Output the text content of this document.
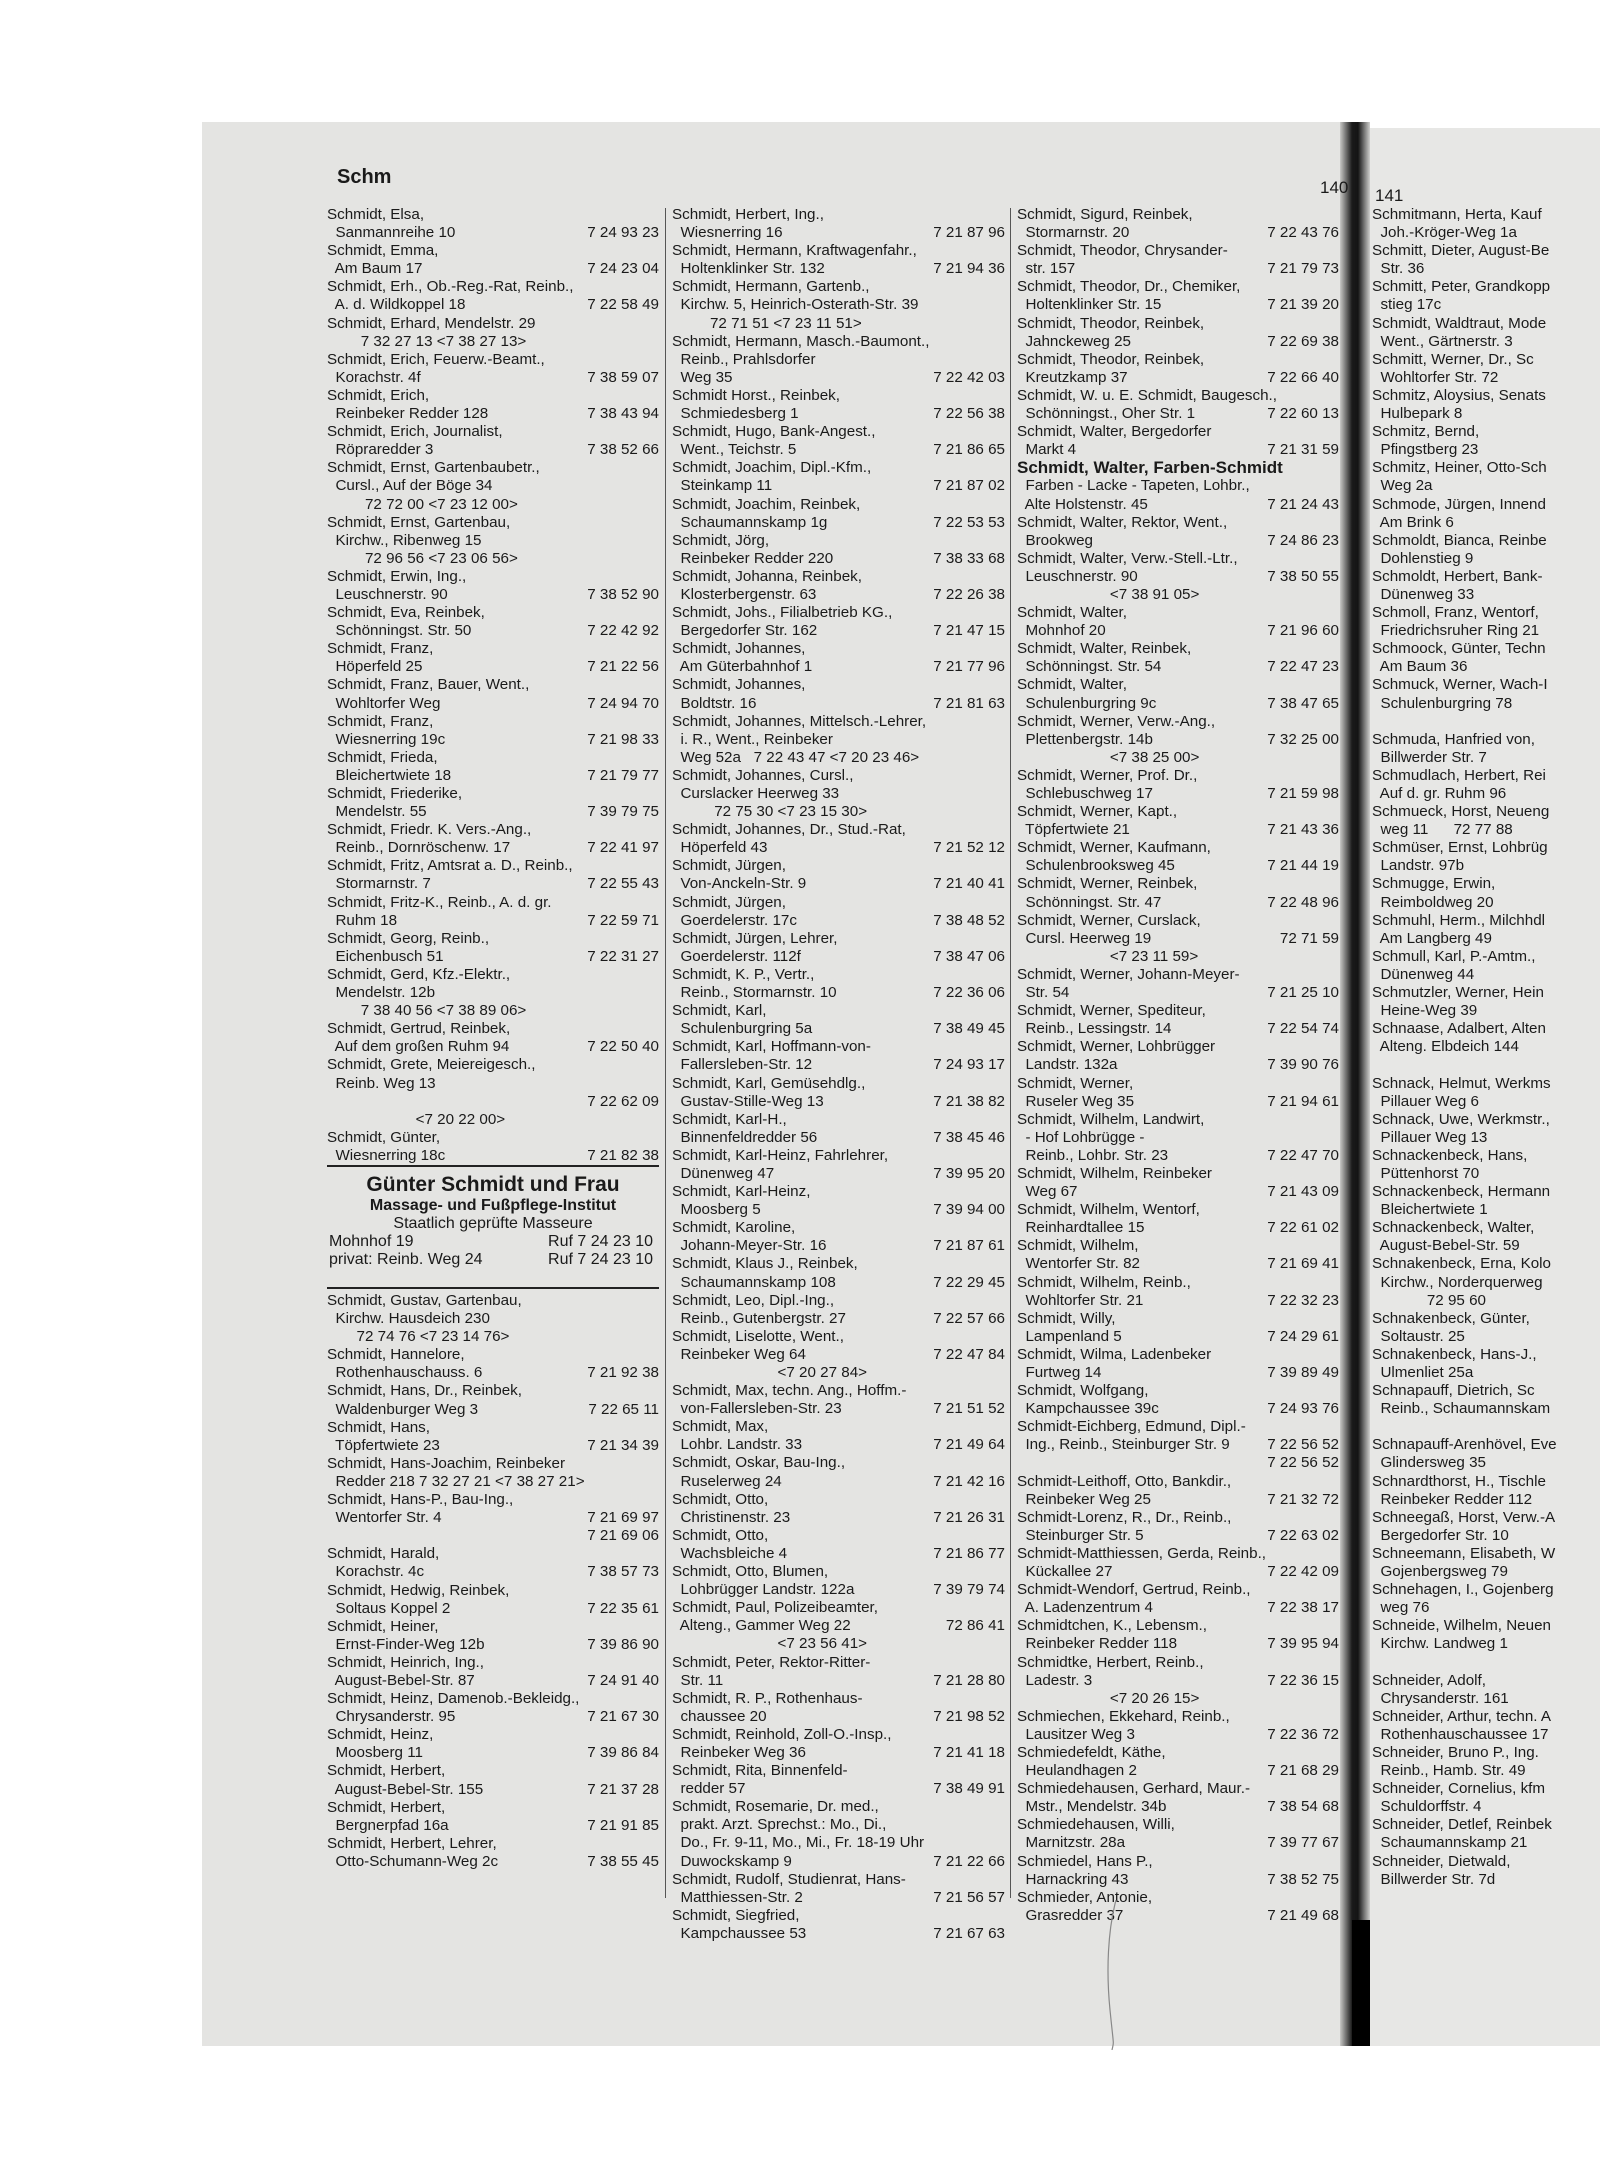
Schm	140 141
Schmidt, Elsa,
Sanmannreihe 10	7 24 93 23
Schmidt, Emma,
Am Baum 17	7 24 23 04
Schmidt, Erh., Ob.-Reg.-Rat, Reinb.,
A. d. Wildkoppel 18	7 22 58 49
Schmidt, Erhard, Mendelstr. 29
7 32 27 13 <7 38 27 13>
Schmidt, Erich, Feuerw.-Beamt.,
Korachstr. 4f	7 38 59 07
Schmidt, Erich,
Reinbeker Redder 128	7 38 43 94
Schmidt, Erich, Journalist,
Röpraredder 3	7 38 52 66
Schmidt, Ernst, Gartenbaubetr.,
Cursl., Auf der Böge 34
72 72 00 <7 23 12 00>
Schmidt, Ernst, Gartenbau,
Kirchw., Ribenweg 15
72 96 56 <7 23 06 56>
Schmidt, Erwin, Ing.,
Leuschnerstr. 90	7 38 52 90
Schmidt, Eva, Reinbek,
Schönningst. Str. 50	7 22 42 92
Schmidt, Franz,
Höperfeld 25	7 21 22 56
Schmidt, Franz, Bauer, Went.,
Wohltorfer Weg	7 24 94 70
Schmidt, Franz,
Wiesnerring 19c	7 21 98 33
Schmidt, Frieda,
Bleichertwiete 18	7 21 79 77
Schmidt, Friederike,
Mendelstr. 55	7 39 79 75
Schmidt, Friedr. K. Vers.-Ang.,
Reinb., Dornröschenw. 17	7 22 41 97
Schmidt, Fritz, Amtsrat a. D., Reinb.,
Stormarnstr. 7	7 22 55 43
Schmidt, Fritz-K., Reinb., A. d. gr.
Ruhm 18	7 22 59 71
Schmidt, Georg, Reinb.,
Eichenbusch 51	7 22 31 27
Schmidt, Gerd, Kfz.-Elektr.,
Mendelstr. 12b
7 38 40 56 <7 38 89 06>
Schmidt, Gertrud, Reinbek,
Auf dem großen Ruhm 94	7 22 50 40
Schmidt, Grete, Meiereigesch.,
Reinb. Weg 13
7 22 62 09
<7 20 22 00>
Schmidt, Günter,
Wiesnerring 18c	7 21 82 38
Günter Schmidt und Frau
Massage- und Fußpflege-Institut
Staatlich geprüfte Masseure
Mohnhof 19	Ruf 7 24 23 10
privat: Reinb. Weg 24	Ruf 7 24 23 10
Schmidt, Gustav, Gartenbau,
Kirchw. Hausdeich 230
72 74 76 <7 23 14 76>
Schmidt, Hannelore,
Rothenhauschauss. 6	7 21 92 38
Schmidt, Hans, Dr., Reinbek,
Waldenburger Weg 3	7 22 65 11
Schmidt, Hans,
Töpfertwiete 23	7 21 34 39
Schmidt, Hans-Joachim, Reinbeker
Redder 218 7 32 27 21 <7 38 27 21>
Schmidt, Hans-P., Bau-Ing.,
Wentorfer Str. 4	7 21 69 97
7 21 69 06
Schmidt, Harald,
Korachstr. 4c	7 38 57 73
Schmidt, Hedwig, Reinbek,
Soltaus Koppel 2	7 22 35 61
Schmidt, Heiner,
Ernst-Finder-Weg 12b	7 39 86 90
Schmidt, Heinrich, Ing.,
August-Bebel-Str. 87	7 24 91 40
Schmidt, Heinz, Damenob.-Bekleidg.,
Chrysanderstr. 95	7 21 67 30
Schmidt, Heinz,
Moosberg 11	7 39 86 84
Schmidt, Herbert,
August-Bebel-Str. 155	7 21 37 28
Schmidt, Herbert,
Bergnerpfad 16a	7 21 91 85
Schmidt, Herbert, Lehrer,
Otto-Schumann-Weg 2c	7 38 55 45
Schmidt, Herbert, Ing.,
Wiesnerring 16	7 21 87 96
Schmidt, Hermann, Kraftwagenfahr.,
Holtenklinker Str. 132	7 21 94 36
Schmidt, Hermann, Gartenb.,
Kirchw. 5, Heinrich-Osterath-Str. 39
72 71 51 <7 23 11 51>
Schmidt, Hermann, Masch.-Baumont.,
Reinb., Prahlsdorfer
Weg 35	7 22 42 03
Schmidt Horst., Reinbek,
Schmiedesberg 1	7 22 56 38
Schmidt, Hugo, Bank-Angest.,
Went., Teichstr. 5	7 21 86 65
Schmidt, Joachim, Dipl.-Kfm.,
Steinkamp 11	7 21 87 02
Schmidt, Joachim, Reinbek,
Schaumannskamp 1g	7 22 53 53
Schmidt, Jörg,
Reinbeker Redder 220	7 38 33 68
Schmidt, Johanna, Reinbek,
Klosterbergenstr. 63	7 22 26 38
Schmidt, Johs., Filialbetrieb KG.,
Bergedorfer Str. 162	7 21 47 15
Schmidt, Johannes,
Am Güterbahnhof 1	7 21 77 96
Schmidt, Johannes,
Boldtstr. 16	7 21 81 63
Schmidt, Johannes, Mittelsch.-Lehrer,
i. R., Went., Reinbeker
Weg 52a   7 22 43 47 <7 20 23 46>
Schmidt, Johannes, Cursl.,
Curslacker Heerweg 33
72 75 30 <7 23 15 30>
Schmidt, Johannes, Dr., Stud.-Rat,
Höperfeld 43	7 21 52 12
Schmidt, Jürgen,
Von-Anckeln-Str. 9	7 21 40 41
Schmidt, Jürgen,
Goerdelerstr. 17c	7 38 48 52
Schmidt, Jürgen, Lehrer,
Goerdelerstr. 112f	7 38 47 06
Schmidt, K. P., Vertr.,
Reinb., Stormarnstr. 10	7 22 36 06
Schmidt, Karl,
Schulenburgring 5a	7 38 49 45
Schmidt, Karl, Hoffmann-von-
Fallersleben-Str. 12	7 24 93 17
Schmidt, Karl, Gemüsehdlg.,
Gustav-Stille-Weg 13	7 21 38 82
Schmidt, Karl-H.,
Binnenfeldredder 56	7 38 45 46
Schmidt, Karl-Heinz, Fahrlehrer,
Dünenweg 47	7 39 95 20
Schmidt, Karl-Heinz,
Moosberg 5	7 39 94 00
Schmidt, Karoline,
Johann-Meyer-Str. 16	7 21 87 61
Schmidt, Klaus J., Reinbek,
Schaumannskamp 108	7 22 29 45
Schmidt, Leo, Dipl.-Ing.,
Reinb., Gutenbergstr. 27	7 22 57 66
Schmidt, Liselotte, Went.,
Reinbeker Weg 64	7 22 47 84
<7 20 27 84>
Schmidt, Max, techn. Ang., Hoffm.-
von-Fallersleben-Str. 23	7 21 51 52
Schmidt, Max,
Lohbr. Landstr. 33	7 21 49 64
Schmidt, Oskar, Bau-Ing.,
Ruselerweg 24	7 21 42 16
Schmidt, Otto,
Christinenstr. 23	7 21 26 31
Schmidt, Otto,
Wachsbleiche 4	7 21 86 77
Schmidt, Otto, Blumen,
Lohbrügger Landstr. 122a	7 39 79 74
Schmidt, Paul, Polizeibeamter,
Alteng., Gammer Weg 22	72 86 41
<7 23 56 41>
Schmidt, Peter, Rektor-Ritter-
Str. 11	7 21 28 80
Schmidt, R. P., Rothenhaus-
chaussee 20	7 21 98 52
Schmidt, Reinhold, Zoll-O.-Insp.,
Reinbeker Weg 36	7 21 41 18
Schmidt, Rita, Binnenfeld-
redder 57	7 38 49 91
Schmidt, Rosemarie, Dr. med.,
prakt. Arzt. Sprechst.: Mo., Di.,
Do., Fr. 9-11, Mo., Mi., Fr. 18-19 Uhr
Duwockskamp 9	7 21 22 66
Schmidt, Rudolf, Studienrat, Hans-
Matthiessen-Str. 2	7 21 56 57
Schmidt, Siegfried,
Kampchaussee 53	7 21 67 63
Schmidt, Sigurd, Reinbek,
Stormarnstr. 20	7 22 43 76
Schmidt, Theodor, Chrysander-
str. 157	7 21 79 73
Schmidt, Theodor, Dr., Chemiker,
Holtenklinker Str. 15	7 21 39 20
Schmidt, Theodor, Reinbek,
Jahnckeweg 25	7 22 69 38
Schmidt, Theodor, Reinbek,
Kreutzkamp 37	7 22 66 40
Schmidt, W. u. E. Schmidt, Baugesch.,
Schönningst., Oher Str. 1	7 22 60 13
Schmidt, Walter, Bergedorfer
Markt 4	7 21 31 59
Schmidt, Walter, Farben-Schmidt
Farben - Lacke - Tapeten, Lohbr.,
Alte Holstenstr. 45	7 21 24 43
Schmidt, Walter, Rektor, Went.,
Brookweg	7 24 86 23
Schmidt, Walter, Verw.-Stell.-Ltr.,
Leuschnerstr. 90	7 38 50 55
<7 38 91 05>
Schmidt, Walter,
Mohnhof 20	7 21 96 60
Schmidt, Walter, Reinbek,
Schönningst. Str. 54	7 22 47 23
Schmidt, Walter,
Schulenburgring 9c	7 38 47 65
Schmidt, Werner, Verw.-Ang.,
Plettenbergstr. 14b	7 32 25 00
<7 38 25 00>
Schmidt, Werner, Prof. Dr.,
Schlebuschweg 17	7 21 59 98
Schmidt, Werner, Kapt.,
Töpfertwiete 21	7 21 43 36
Schmidt, Werner, Kaufmann,
Schulenbrooksweg 45	7 21 44 19
Schmidt, Werner, Reinbek,
Schönningst. Str. 47	7 22 48 96
Schmidt, Werner, Curslack,
Cursl. Heerweg 19	72 71 59
<7 23 11 59>
Schmidt, Werner, Johann-Meyer-
Str. 54	7 21 25 10
Schmidt, Werner, Spediteur,
Reinb., Lessingstr. 14	7 22 54 74
Schmidt, Werner, Lohbrügger
Landstr. 132a	7 39 90 76
Schmidt, Werner,
Ruseler Weg 35	7 21 94 61
Schmidt, Wilhelm, Landwirt,
- Hof Lohbrügge -
Reinb., Lohbr. Str. 23	7 22 47 70
Schmidt, Wilhelm, Reinbeker
Weg 67	7 21 43 09
Schmidt, Wilhelm, Wentorf,
Reinhardtallee 15	7 22 61 02
Schmidt, Wilhelm,
Wentorfer Str. 82	7 21 69 41
Schmidt, Wilhelm, Reinb.,
Wohltorfer Str. 21	7 22 32 23
Schmidt, Willy,
Lampenland 5	7 24 29 61
Schmidt, Wilma, Ladenbeker
Furtweg 14	7 39 89 49
Schmidt, Wolfgang,
Kampchaussee 39c	7 24 93 76
Schmidt-Eichberg, Edmund, Dipl.-
Ing., Reinb., Steinburger Str. 9 7 22 56 52
7 22 56 52
Schmidt-Leithoff, Otto, Bankdir.,
Reinbeker Weg 25	7 21 32 72
Schmidt-Lorenz, R., Dr., Reinb.,
Steinburger Str. 5	7 22 63 02
Schmidt-Matthiessen, Gerda, Reinb.,
Kückallee 27	7 22 42 09
Schmidt-Wendorf, Gertrud, Reinb.,
A. Ladenzentrum 4	7 22 38 17
Schmidtchen, K., Lebensm.,
Reinbeker Redder 118	7 39 95 94
Schmidtke, Herbert, Reinb.,
Ladestr. 3	7 22 36 15
<7 20 26 15>
Schmiechen, Ekkehard, Reinb.,
Lausitzer Weg 3	7 22 36 72
Schmiedefeldt, Käthe,
Heulandhagen 2	7 21 68 29
Schmiedehausen, Gerhard, Maur.-
Mstr., Mendelstr. 34b	7 38 54 68
Schmiedehausen, Willi,
Marnitzstr. 28a	7 39 77 67
Schmiedel, Hans P.,
Harnackring 43	7 38 52 75
Schmieder, Antonie,
Grasredder 37	7 21 49 68
Schmitmann, Herta, Kauf
Joh.-Kröger-Weg 1a
Schmitt, Dieter, August-Be
Str. 36
Schmitt, Peter, Grandkopp
stieg 17c
Schmidt, Waldtraut, Mode
Went., Gärtnerstr. 3
Schmitt, Werner, Dr., Sc
Wohltorfer Str. 72
Schmitz, Aloysius, Senats
Hulbepark 8
Schmitz, Bernd,
Pfingstberg 23
Schmitz, Heiner, Otto-Sch
Weg 2a
Schmode, Jürgen, Innend
Am Brink 6
Schmoldt, Bianca, Reinbe
Dohlenstieg 9
Schmoldt, Herbert, Bank-
Dünenweg 33
Schmoll, Franz, Wentorf,
Friedrichsruher Ring 21
Schmoock, Günter, Techn
Am Baum 36
Schmuck, Werner, Wach-I
Schulenburgring 78
Schmuda, Hanfried von,
Billwerder Str. 7
Schmudlach, Herbert, Rei
Auf d. gr. Ruhm 96
Schmueck, Horst, Neueng
weg 11      72 77 88
Schmüser, Ernst, Lohbrüg
Landstr. 97b
Schmugge, Erwin,
Reimboldweg 20
Schmuhl, Herm., Milchhdl
Am Langberg 49
Schmull, Karl, P.-Amtm.,
Dünenweg 44
Schmutzler, Werner, Hein
Heine-Weg 39
Schnaase, Adalbert, Alten
Alteng. Elbdeich 144
Schnack, Helmut, Werkms
Pillauer Weg 6
Schnack, Uwe, Werkmstr.,
Pillauer Weg 13
Schnackenbeck, Hans,
Püttenhorst 70
Schnackenbeck, Hermann
Bleichertwiete 1
Schnackenbeck, Walter,
August-Bebel-Str. 59
Schnakenbeck, Erna, Kolo
Kirchw., Norderquerweg
72 95 60
Schnakenbeck, Günter,
Soltaustr. 25
Schnakenbeck, Hans-J.,
Ulmenliet 25a
Schnapauff, Dietrich, Sc
Reinb., Schaumannskam
Schnapauff-Arenhövel, Eve
Glindersweg 35
Schnardthorst, H., Tischle
Reinbeker Redder 112
Schneegaß, Horst, Verw.-A
Bergedorfer Str. 10
Schneemann, Elisabeth, W
Gojenbergsweg 79
Schnehagen, I., Gojenberg
weg 76
Schneide, Wilhelm, Neuen
Kirchw. Landweg 1
Schneider, Adolf,
Chrysanderstr. 161
Schneider, Arthur, techn. A
Rothenhauschaussee 17
Schneider, Bruno P., Ing.
Reinb., Hamb. Str. 49
Schneider, Cornelius, kfm
Schuldorffstr. 4
Schneider, Detlef, Reinbek
Schaumannskamp 21
Schneider, Dietwald,
Billwerder Str. 7d
